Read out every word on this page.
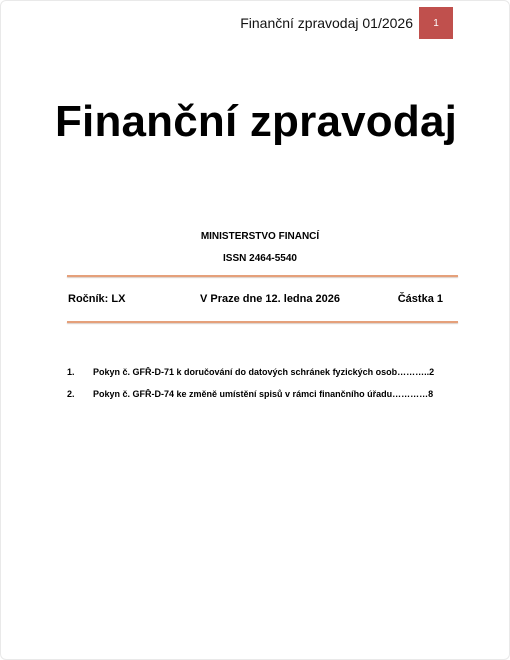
Finanční zpravodaj 01/2026 1
Finanční zpravodaj
MINISTERSTVO FINANCÍ
ISSN 2464-5540
Ročník: LX	V Praze dne 12. ledna 2026	Částka 1
1. Pokyn č. GFŘ-D-71 k doručování do datových schránek fyzických osob………..2
2. Pokyn č. GFŘ-D-74 ke změně umístění spisů v rámci finančního úřadu…………8
